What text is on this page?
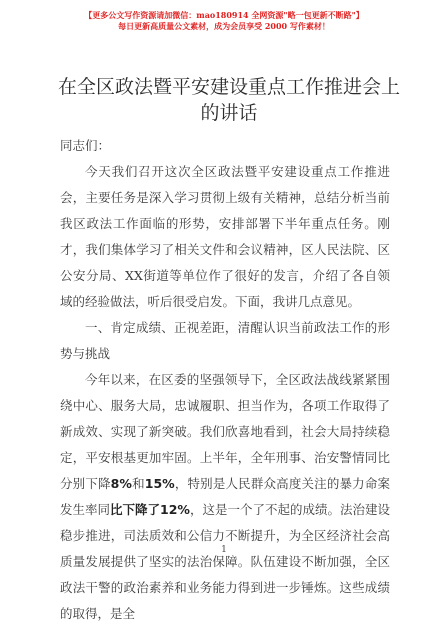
【更多公文写作资源请加微信：mao180914 全网资源"略一包更新不断路"】
每日更新高质量公文素材，成为会员享受 2000 写作素材！
在全区政法暨平安建设重点工作推进会上的讲话

同志们：

今天我们召开这次全区政法暨平安建设重点工作推进会，主要任务是深入学习贯彻上级有关精神，总结分析当前我区政法工作面临的形势，安排部署下半年重点任务。刚才，我们集体学习了相关文件和会议精神，区人民法院、区公安分局、XX街道等单位作了很好的发言，介绍了各自领域的经验做法，听后很受启发。下面，我讲几点意见。

一、肯定成绩、正视差距，清醒认识当前政法工作的形势与挑战

今年以来，在区委的坚强领导下，全区政法战线紧紧围绕中心、服务大局，忠诚履职、担当作为，各项工作取得了新成效、实现了新突破。我们欣喜地看到，社会大局持续稳定，平安根基更加牢固。上半年，全年刑事、治安警情同比分别下降8%和15%，特别是人民群众高度关注的暴力命案发生率同比下降了12%，这是一个了不起的成绩。法治建设稳步推进，司法质效和公信力不断提升，为全区经济社会高质量发展提供了坚实的法治保障。队伍建设不断加强，全区政法干警的政治素养和业务能力得到进一步锤炼。这些成绩的取得，是全

1
